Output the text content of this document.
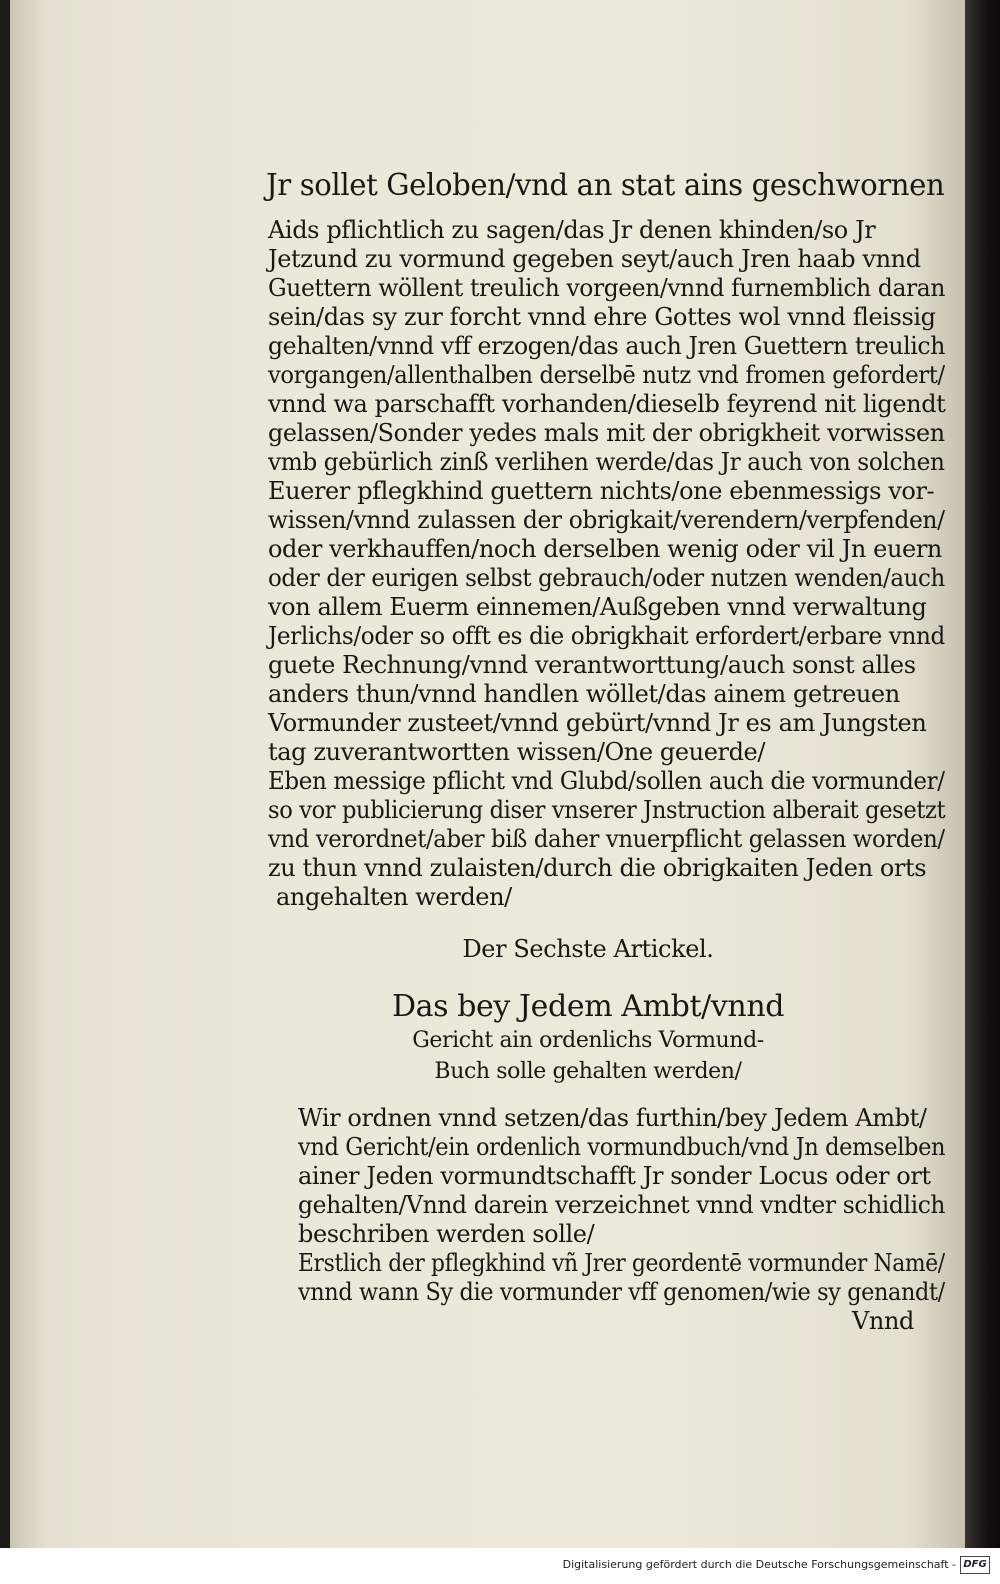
Jr sollet Geloben/vnd an stat ains geschwornen
Aids pflichtlich zu sagen/das Jr denen khinden/so Jr
Jetzund zu vormund gegeben seyt/auch Jren haab vnnd
Guettern wöllent treulich vorgeen/vnnd furnemblich daran
sein/das sy zur forcht vnnd ehre Gottes wol vnnd fleissig
gehalten/vnnd vff erzogen/das auch Jren Guettern treulich
vorgangen/allenthalben derselbē nutz vnd fromen gefordert/
vnnd wa parschafft vorhanden/dieselb feyrend nit ligendt
gelassen/Sonder yedes mals mit der obrigkheit vorwissen
vmb gebürlich zinß verlihen werde/das Jr auch von solchen
Euerer pflegkhind guettern nichts/one ebenmessigs vor-
wissen/vnnd zulassen der obrigkait/verendern/verpfenden/
oder verkhauffen/noch derselben wenig oder vil Jn euern
oder der eurigen selbst gebrauch/oder nutzen wenden/auch
von allem Euerm einnemen/Außgeben vnnd verwaltung
Jerlichs/oder so offt es die obrigkhait erfordert/erbare vnnd
guete Rechnung/vnnd verantworttung/auch sonst alles
anders thun/vnnd handlen wöllet/das ainem getreuen
Vormunder zusteet/vnnd gebürt/vnnd Jr es am Jungsten
tag zuverantwortten wissen/One geuerde/
Eben messige pflicht vnd Glubd/sollen auch die vormunder/
so vor publicierung diser vnserer Jnstruction alberait gesetzt
vnd verordnet/aber biß daher vnuerpflicht gelassen worden/
zu thun vnnd zulaisten/durch die obrigkaiten Jeden orts
angehalten werden/
Der Sechste Artickel.
Das bey Jedem Ambt/vnnd
Gericht ain ordenlichs Vormund-
Buch solle gehalten werden/
Wir ordnen vnnd setzen/das furthin/bey Jedem Ambt/
vnd Gericht/ein ordenlich vormundbuch/vnd Jn demselben
ainer Jeden vormundtschafft Jr sonder Locus oder ort
gehalten/Vnnd darein verzeichnet vnnd vndter schidlich
beschriben werden solle/
Erstlich der pflegkhind vñ Jrer geordentē vormunder Namē/
vnnd wann Sy die vormunder vff genomen/wie sy genandt/
Vnnd
Digitalisierung gefördert durch die Deutsche Forschungsgemeinschaft - DFG
